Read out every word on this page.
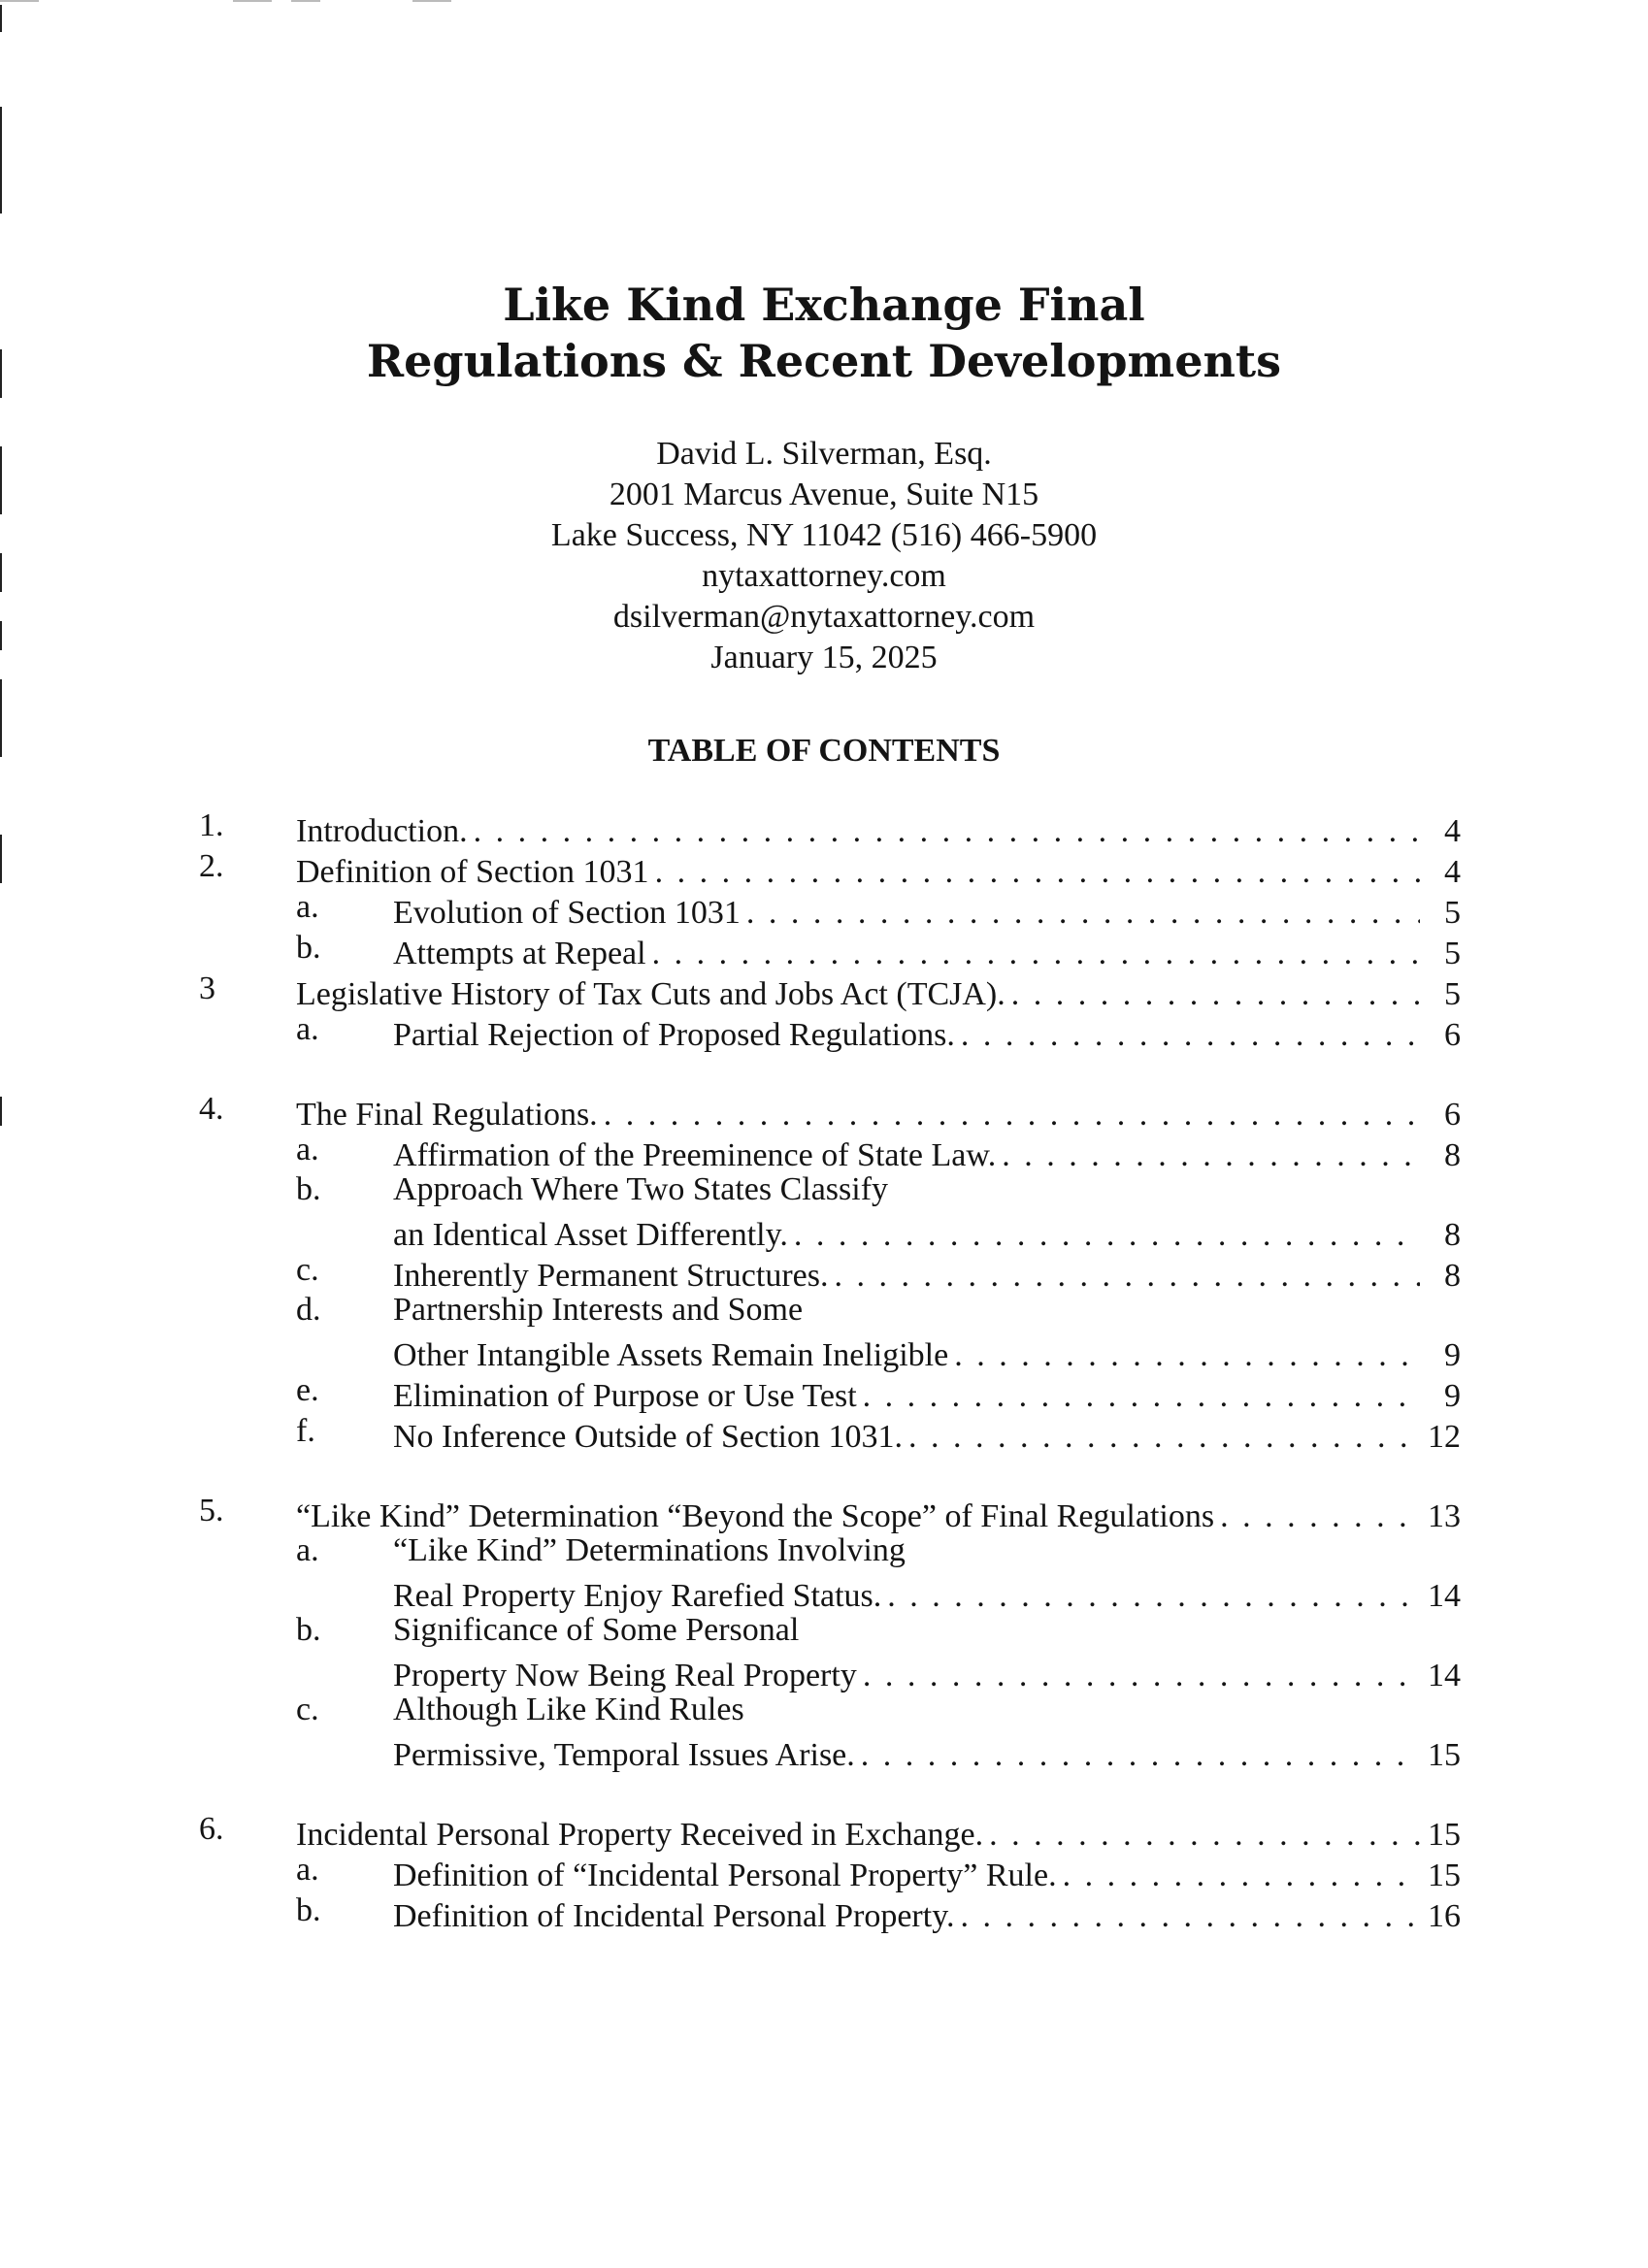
Like Kind Exchange Final
Regulations & Recent Developments
David L. Silverman, Esq.
2001 Marcus Avenue, Suite N15
Lake Success, NY 11042 (516) 466-5900
nytaxattorney.com
dsilverman@nytaxattorney.com
January 15, 2025
TABLE OF CONTENTS
1. Introduction. . . .	4
2. Definition of Section 1031 . . .	4
a. Evolution of Section 1031 . . .	5
b. Attempts at Repeal . . .	5
3 Legislative History of Tax Cuts and Jobs Act (TCJA). . . .	5
a. Partial Rejection of Proposed Regulations. . . .	6
4. The Final Regulations. . . .	6
a. Affirmation of the Preeminence of State Law. . . .	8
b. Approach Where Two States Classify
an Identical Asset Differently. . . .	8
c. Inherently Permanent Structures. . . .	8
d. Partnership Interests and Some
Other Intangible Assets Remain Ineligible . . .	9
e. Elimination of Purpose or Use Test . . .	9
f. No Inference Outside of Section 1031. . . .	12
5. “Like Kind” Determination “Beyond the Scope” of Final Regulations . . .	13
a. “Like Kind” Determinations Involving
Real Property Enjoy Rarefied Status. . . .	14
b. Significance of Some Personal
Property Now Being Real Property . . .	14
c. Although Like Kind Rules
Permissive, Temporal Issues Arise. . . .	15
6. Incidental Personal Property Received in Exchange. . . .	15
a. Definition of “Incidental Personal Property” Rule. . . .	15
b. Definition of Incidental Personal Property. . . .	16
